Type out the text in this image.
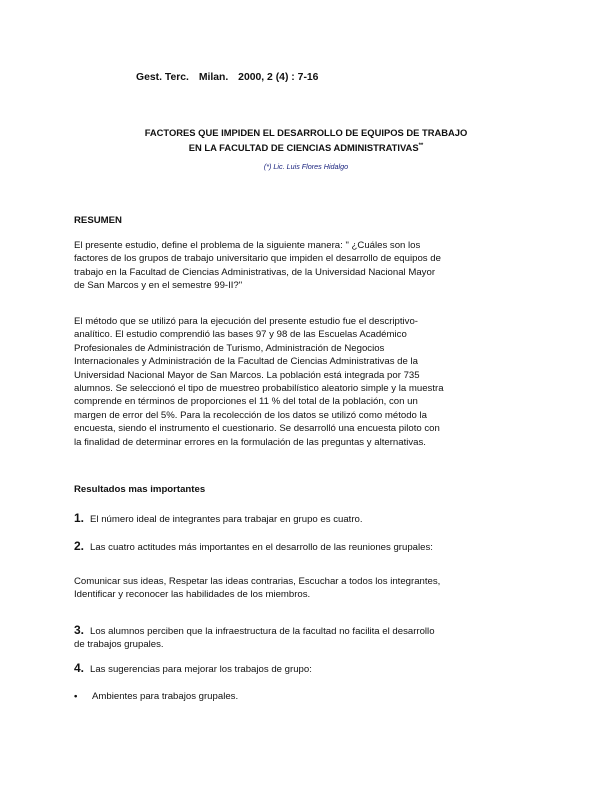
Gest. Terc. Milan. 2000, 2 (4) : 7-16
FACTORES QUE IMPIDEN EL DESARROLLO DE EQUIPOS DE TRABAJO
EN LA FACULTAD DE CIENCIAS ADMINISTRATIVAS**
(*) Lic. Luis Flores Hidalgo
RESUMEN

El presente estudio, define el problema de la siguiente manera: " ¿Cuáles son los factores de los grupos de trabajo universitario que impiden el desarrollo de equipos de trabajo en la Facultad de Ciencias Administrativas, de la Universidad Nacional Mayor de San Marcos y en el semestre 99-II?"

El método que se utilizó para la ejecución del presente estudio fue el descriptivo-analítico. El estudio comprendió las bases 97 y 98 de las Escuelas Académico Profesionales de Administración de Turismo, Administración de Negocios Internacionales y Administración de la Facultad de Ciencias Administrativas de la Universidad Nacional Mayor de San Marcos. La población está integrada por 735 alumnos. Se seleccionó el tipo de muestreo probabilístico aleatorio simple y la muestra comprende en términos de proporciones el 11 % del total de la población, con un margen de error del 5%. Para la recolección de los datos se utilizó como método la encuesta, siendo el instrumento el cuestionario. Se desarrolló una encuesta piloto con la finalidad de determinar errores en la formulación de las preguntas y alternativas.

Resultados mas importantes
1. El número ideal de integrantes para trabajar en grupo es cuatro.
2. Las cuatro actitudes más importantes en el desarrollo de las reuniones grupales:
Comunicar sus ideas, Respetar las ideas contrarias, Escuchar a todos los integrantes, Identificar y reconocer las habilidades de los miembros.
3. Los alumnos perciben que la infraestructura de la facultad no facilita el desarrollo de trabajos grupales.
4. Las sugerencias para mejorar los trabajos de grupo:
• Ambientes para trabajos grupales.
